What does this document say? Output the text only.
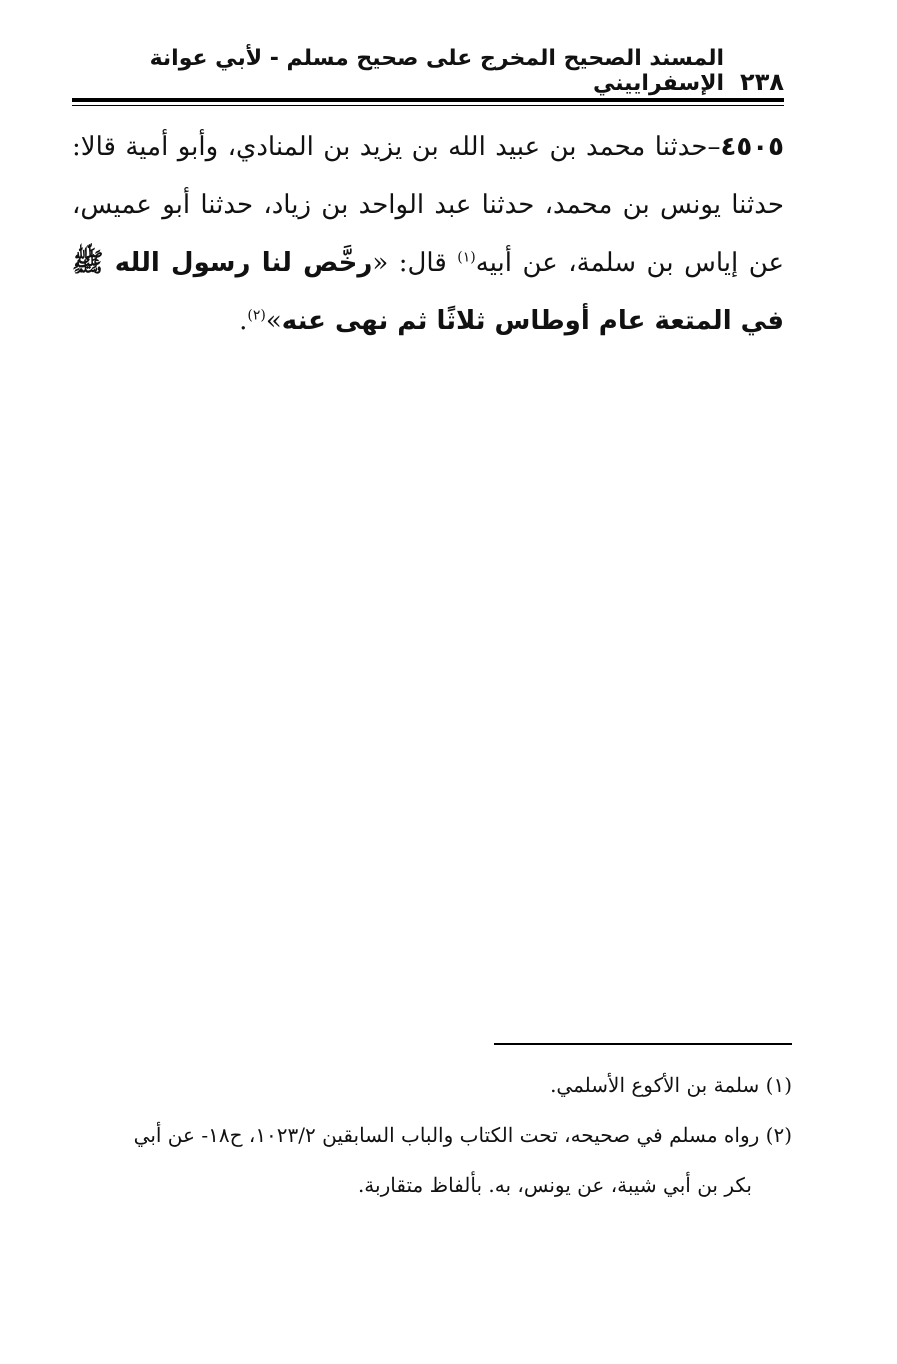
٢٣٨
المسند الصحيح المخرج على صحيح مسلم - لأبي عوانة الإسفراييني
٤٥٠٥–حدثنا محمد بن عبيد الله بن يزيد بن المنادي، وأبو أمية قالا: حدثنا يونس بن محمد، حدثنا عبد الواحد بن زياد، حدثنا أبو عميس، عن إياس بن سلمة، عن أبيه$^{(١)}$ قال: «رخَّص لنا رسول الله ﷺ في المتعة عام أوطاس ثلاثًا ثم نهى عنه»$^{(٢)}$.

(١) سلمة بن الأكوع الأسلمي.

(٢) رواه مسلم في صحيحه، تحت الكتاب والباب السابقين ١٠٢٣/٢، ح١٨- عن أبي

بكر بن أبي شيبة، عن يونس، به. بألفاظ متقاربة.
